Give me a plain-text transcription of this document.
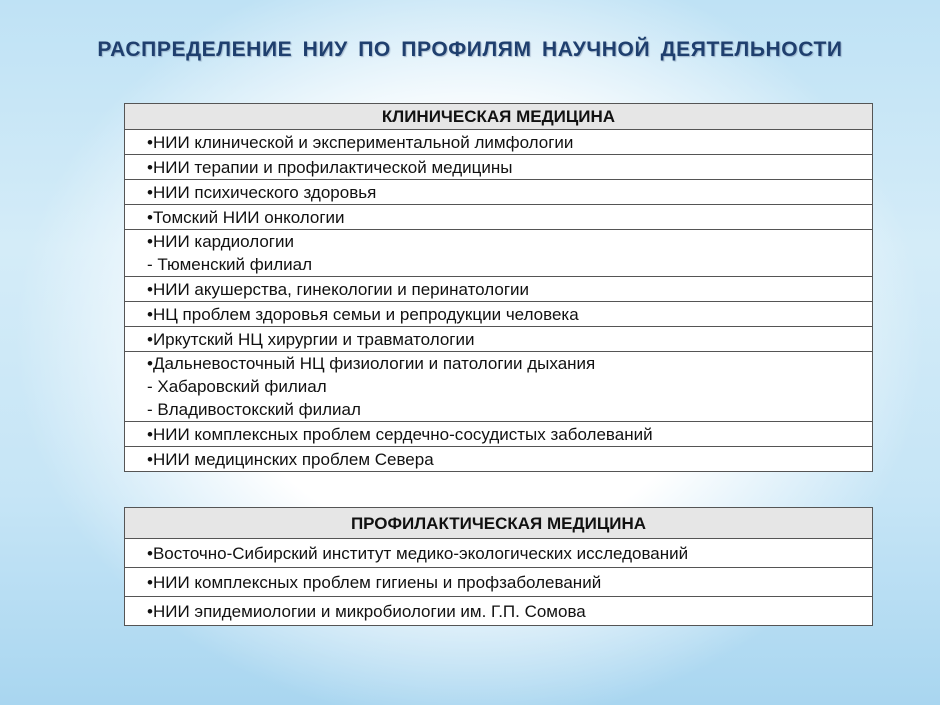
РАСПРЕДЕЛЕНИЕ НИУ ПО ПРОФИЛЯМ НАУЧНОЙ ДЕЯТЕЛЬНОСТИ
КЛИНИЧЕСКАЯ МЕДИЦИНА

•НИИ клинической и экспериментальной лимфологии

•НИИ терапии и профилактической медицины

•НИИ психического здоровья

•Томский НИИ онкологии

•НИИ кардиологии
- Тюменский филиал

•НИИ акушерства, гинекологии и перинатологии

•НЦ проблем здоровья семьи и репродукции человека

•Иркутский НЦ хирургии и травматологии

•Дальневосточный НЦ физиологии и патологии дыхания
- Хабаровский филиал
- Владивостокский филиал

•НИИ комплексных проблем сердечно-сосудистых заболеваний

•НИИ медицинских проблем Севера
ПРОФИЛАКТИЧЕСКАЯ МЕДИЦИНА

•Восточно-Сибирский институт медико-экологических исследований

•НИИ комплексных проблем гигиены и профзаболеваний

•НИИ эпидемиологии и микробиологии им. Г.П. Сомова
